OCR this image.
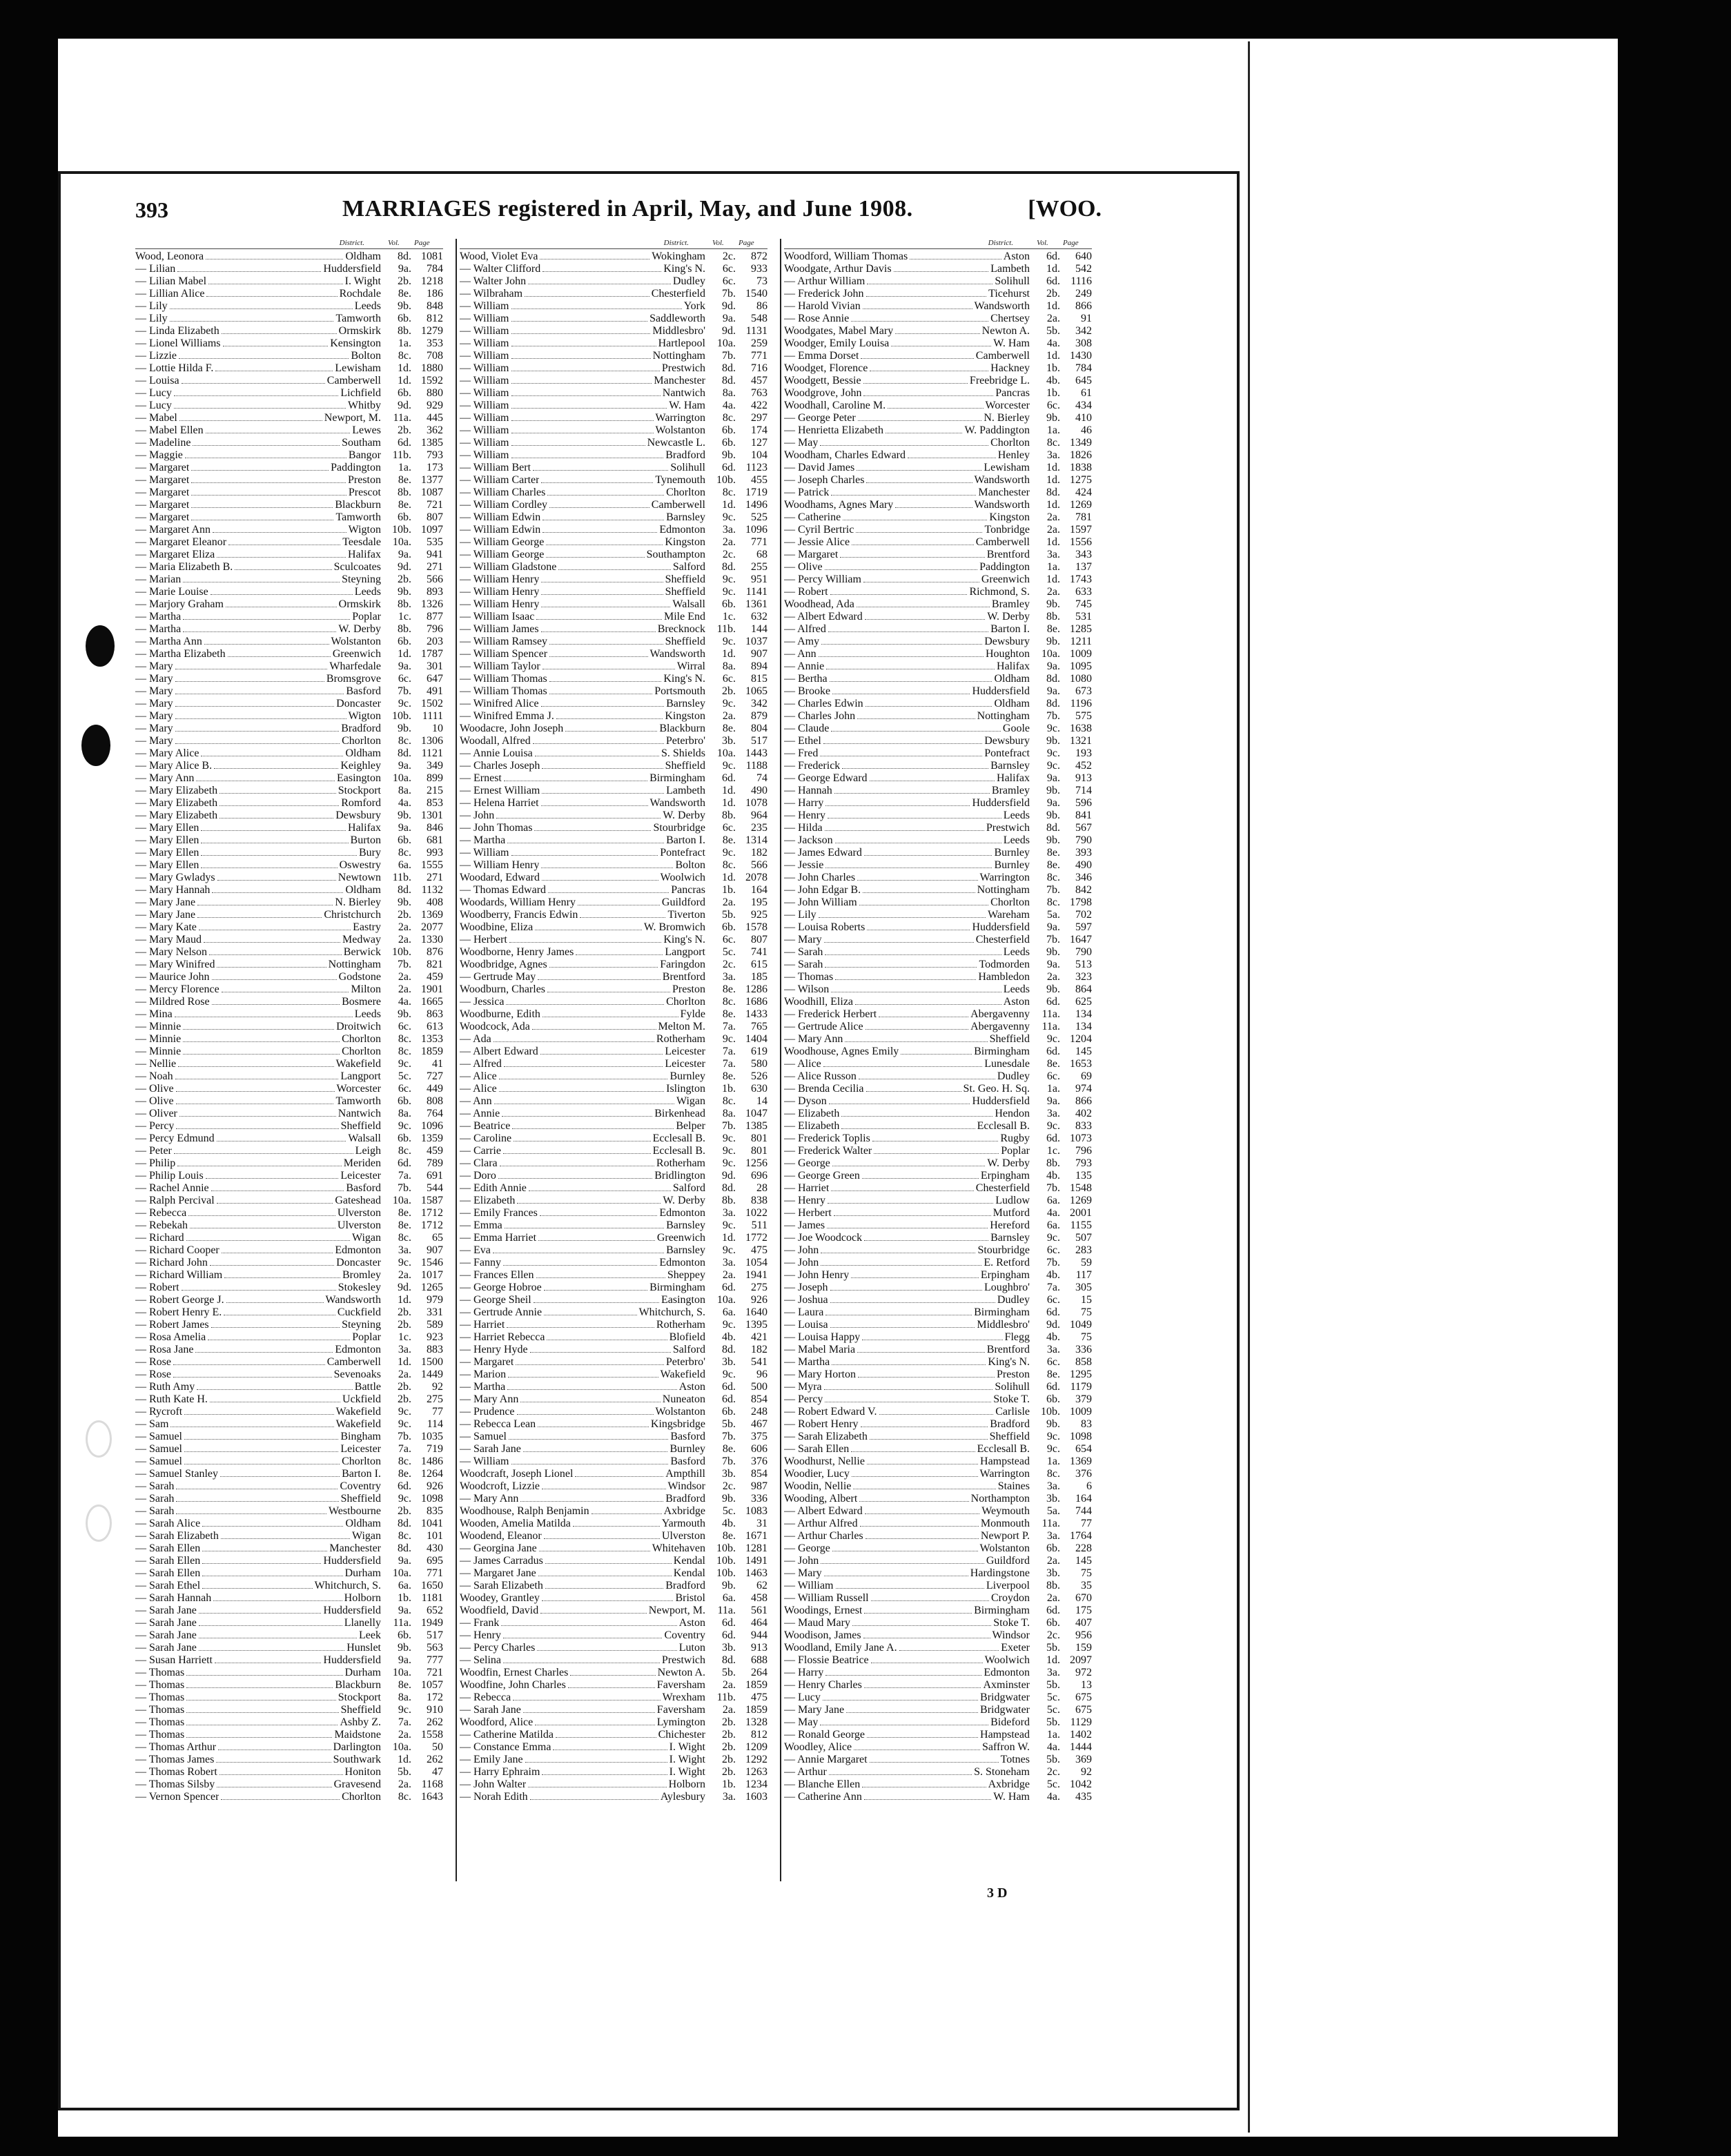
393	MARRIAGES registered in April, May, and June 1908.	[WOO.
District.	Vol.	Page
Wood, Leonora	Oldham	8d. 1081
— Lilian	Huddersfield	9a.	784
— Lilian Mabel	I. Wight	2b. 1218
— Lillian Alice	Rochdale	8e.	186
— Lily	Leeds	9b.	848
— Lily	Tamworth	6b.	812
— Linda Elizabeth	Ormskirk	8b. 1279
— Lionel Williams	Kensington	1a.	353
— Lizzie	Bolton	8c.	708
— Lottie Hilda F.	Lewisham	1d. 1880
— Louisa	Camberwell	1d. 1592
— Lucy	Lichfield	6b.	880
— Lucy	Whitby	9d.	929
— Mabel	Newport, M.	11a.	445
— Mabel Ellen	Lewes	2b.	362
— Madeline	Southam	6d. 1385
— Maggie	Bangor	11b.	793
— Margaret	Paddington	1a.	173
— Margaret	Preston	8e. 1377
— Margaret	Prescot	8b. 1087
— Margaret	Blackburn	8e.	721
— Margaret	Tamworth	6b.	807
— Margaret Ann	Wigton	10b. 1097
— Margaret Eleanor	Teesdale	10a.	535
— Margaret Eliza	Halifax	9a.	941
— Maria Elizabeth B.	Sculcoates	9d.	271
— Marian	Steyning	2b.	566
— Marie Louise	Leeds	9b.	893
— Marjory Graham	Ormskirk	8b. 1326
— Martha	Poplar	1c.	877
— Martha	W. Derby	8b.	796
— Martha Ann	Wolstanton	6b.	203
— Martha Elizabeth	Greenwich	1d. 1787
— Mary	Wharfedale	9a.	301
— Mary	Bromsgrove	6c.	647
— Mary	Basford	7b.	491
— Mary	Doncaster	9c. 1502
— Mary	Wigton	10b. 1111
— Mary	Bradford	9b.	10
— Mary	Chorlton	8c. 1306
— Mary Alice	Oldham	8d. 1121
— Mary Alice B.	Keighley	9a.	349
— Mary Ann	Easington	10a.	899
— Mary Elizabeth	Stockport	8a.	215
— Mary Elizabeth	Romford	4a.	853
— Mary Elizabeth	Dewsbury	9b. 1301
— Mary Ellen	Halifax	9a.	846
— Mary Ellen	Burton	6b.	681
— Mary Ellen	Bury	8c.	993
— Mary Ellen	Oswestry	6a. 1555
— Mary Gwladys	Newtown	11b.	271
— Mary Hannah	Oldham	8d. 1132
— Mary Jane	N. Bierley	9b.	408
— Mary Jane	Christchurch	2b. 1369
— Mary Kate	Eastry	2a. 2077
— Mary Maud	Medway	2a. 1330
— Mary Nelson	Berwick	10b.	876
— Mary Winifred	Nottingham	7b.	821
— Maurice John	Godstone	2a.	459
— Mercy Florence	Milton	2a. 1901
— Mildred Rose	Bosmere	4a. 1665
— Mina	Leeds	9b.	863
— Minnie	Droitwich	6c.	613
— Minnie	Chorlton	8c. 1353
— Minnie	Chorlton	8c. 1859
— Nellie	Wakefield	9c.	41
— Noah	Langport	5c.	727
— Olive	Worcester	6c.	449
— Olive	Tamworth	6b.	808
— Oliver	Nantwich	8a.	764
— Percy	Sheffield	9c. 1096
— Percy Edmund	Walsall	6b. 1359
— Peter	Leigh	8c.	459
— Philip	Meriden	6d.	789
— Philip Louis	Leicester	7a.	691
— Rachel Annie	Basford	7b.	544
— Ralph Percival	Gateshead	10a. 1587
— Rebecca	Ulverston	8e. 1712
— Rebekah	Ulverston	8e. 1712
— Richard	Wigan	8c.	65
— Richard Cooper	Edmonton	3a.	907
— Richard John	Doncaster	9c. 1546
— Richard William	Bromley	2a. 1017
— Robert	Stokesley	9d. 1265
— Robert George J.	Wandsworth	1d.	979
— Robert Henry E.	Cuckfield	2b.	331
— Robert James	Steyning	2b.	589
— Rosa Amelia	Poplar	1c.	923
— Rosa Jane	Edmonton	3a.	883
— Rose	Camberwell	1d. 1500
— Rose	Sevenoaks	2a. 1449
— Ruth Amy	Battle	2b.	92
— Ruth Kate H.	Uckfield	2b.	275
— Rycroft	Wakefield	9c.	77
— Sam	Wakefield	9c.	114
— Samuel	Bingham	7b. 1035
— Samuel	Leicester	7a.	719
— Samuel	Chorlton	8c. 1486
— Samuel Stanley	Barton I.	8e. 1264
— Sarah	Coventry	6d.	926
— Sarah	Sheffield	9c. 1098
— Sarah	Westbourne	2b.	835
— Sarah Alice	Oldham	8d. 1041
— Sarah Elizabeth	Wigan	8c.	101
— Sarah Ellen	Manchester	8d.	430
— Sarah Ellen	Huddersfield	9a.	695
— Sarah Ellen	Durham	10a.	771
— Sarah Ethel	Whitchurch, S.	6a. 1650
— Sarah Hannah	Holborn	1b. 1181
— Sarah Jane	Huddersfield	9a.	652
— Sarah Jane	Llanelly	11a. 1949
— Sarah Jane	Leek	6b.	517
— Sarah Jane	Hunslet	9b.	563
— Susan Harriett	Huddersfield	9a.	777
— Thomas	Durham	10a.	721
— Thomas	Blackburn	8e. 1057
— Thomas	Stockport	8a.	172
— Thomas	Sheffield	9c.	910
— Thomas	Ashby Z.	7a.	262
— Thomas	Maidstone	2a. 1558
— Thomas Arthur	Darlington	10a.	50
— Thomas James	Southwark	1d.	262
— Thomas Robert	Honiton	5b.	47
— Thomas Silsby	Gravesend	2a. 1168
— Vernon Spencer	Chorlton	8c. 1643
District.	Vol.	Page
Wood, Violet Eva	Wokingham	2c.	872
— Walter Clifford	King's N.	6c.	933
— Walter John	Dudley	6c.	73
— Wilbraham	Chesterfield	7b. 1540
— William	York	9d.	86
— William	Saddleworth	9a.	548
— William	Middlesbro'	9d. 1131
— William	Hartlepool	10a.	259
— William	Nottingham	7b.	771
— William	Prestwich	8d.	716
— William	Manchester	8d.	457
— William	Nantwich	8a.	763
— William	W. Ham	4a.	422
— William	Warrington	8c.	297
— William	Wolstanton	6b.	174
— William	Newcastle L.	6b.	127
— William	Bradford	9b.	104
— William Bert	Solihull	6d. 1123
— William Carter	Tynemouth	10b.	455
— William Charles	Chorlton	8c. 1719
— William Cordley	Camberwell	1d. 1496
— William Edwin	Barnsley	9c.	525
— William Edwin	Edmonton	3a. 1096
— William George	Kingston	2a.	771
— William George	Southampton	2c.	68
— William Gladstone	Salford	8d.	255
— William Henry	Sheffield	9c.	951
— William Henry	Sheffield	9c. 1141
— William Henry	Walsall	6b. 1361
— William Isaac	Mile End	1c.	632
— William James	Brecknock	11b.	144
— William Ramsey	Sheffield	9c. 1037
— William Spencer	Wandsworth	1d.	907
— William Taylor	Wirral	8a.	894
— William Thomas	King's N.	6c.	815
— William Thomas	Portsmouth	2b. 1065
— Winifred Alice	Barnsley	9c.	342
— Winifred Emma J.	Kingston	2a.	879
Woodacre, John Joseph	Blackburn	8e.	804
Woodall, Alfred	Peterbro'	3b.	517
— Annie Louisa	S. Shields	10a. 1443
— Charles Joseph	Sheffield	9c. 1188
— Ernest	Birmingham	6d.	74
— Ernest William	Lambeth	1d.	490
— Helena Harriet	Wandsworth	1d. 1078
— John	W. Derby	8b.	964
— John Thomas	Stourbridge	6c.	235
— Martha	Barton I.	8e. 1314
— William	Pontefract	9c.	182
— William Henry	Bolton	8c.	566
Woodard, Edward	Woolwich	1d. 2078
— Thomas Edward	Pancras	1b.	164
Woodards, William Henry	Guildford	2a.	195
Woodberry, Francis Edwin	Tiverton	5b.	925
Woodbine, Eliza	W. Bromwich	6b. 1578
— Herbert	King's N.	6c.	807
Woodborne, Henry James	Langport	5c.	741
Woodbridge, Agnes	Faringdon	2c.	615
— Gertrude May	Brentford	3a.	185
Woodburn, Charles	Preston	8e. 1286
— Jessica	Chorlton	8c. 1686
Woodburne, Edith	Fylde	8e. 1433
Woodcock, Ada	Melton M.	7a.	765
— Ada	Rotherham	9c. 1404
— Albert Edward	Leicester	7a.	619
— Alfred	Leicester	7a.	580
— Alice	Burnley	8e.	526
— Alice	Islington	1b.	630
— Ann	Wigan	8c.	14
— Annie	Birkenhead	8a. 1047
— Beatrice	Belper	7b. 1385
— Caroline	Ecclesall B.	9c.	801
— Carrie	Ecclesall B.	9c.	801
— Clara	Rotherham	9c. 1256
— Doro	Bridlington	9d.	696
— Edith Annie	Salford	8d.	28
— Elizabeth	W. Derby	8b.	838
— Emily Frances	Edmonton	3a. 1022
— Emma	Barnsley	9c.	511
— Emma Harriet	Greenwich	1d. 1772
— Eva	Barnsley	9c.	475
— Fanny	Edmonton	3a. 1054
— Frances Ellen	Sheppey	2a. 1941
— George Hobroe	Birmingham	6d.	275
— George Sheil	Easington	10a.	926
— Gertrude Annie	Whitchurch, S.	6a. 1640
— Harriet	Rotherham	9c. 1395
— Harriet Rebecca	Blofield	4b.	421
— Henry Hyde	Salford	8d.	182
— Margaret	Peterbro'	3b.	541
— Marion	Wakefield	9c.	96
— Martha	Aston	6d.	500
— Mary Ann	Nuneaton	6d.	854
— Prudence	Wolstanton	6b.	248
— Rebecca Lean	Kingsbridge	5b.	467
— Samuel	Basford	7b.	375
— Sarah Jane	Burnley	8e.	606
— William	Basford	7b.	376
Woodcraft, Joseph Lionel	Ampthill	3b.	854
Woodcroft, Lizzie	Windsor	2c.	987
— Mary Ann	Bradford	9b.	336
Woodhouse, Ralph Benjamin	Axbridge	5c. 1083
Wooden, Amelia Matilda	Yarmouth	4b.	31
Woodend, Eleanor	Ulverston	8e. 1671
— Georgina Jane	Whitehaven	10b. 1281
— James Carradus	Kendal	10b. 1491
— Margaret Jane	Kendal	10b. 1463
— Sarah Elizabeth	Bradford	9b.	62
Woodey, Grantley	Bristol	6a.	458
Woodfield, David	Newport, M.	11a.	561
— Frank	Aston	6d.	464
— Henry	Coventry	6d.	944
— Percy Charles	Luton	3b.	913
— Selina	Prestwich	8d.	688
Woodfin, Ernest Charles	Newton A.	5b.	264
Woodfine, John Charles	Faversham	2a. 1859
— Rebecca	Wrexham	11b.	475
— Sarah Jane	Faversham	2a. 1859
Woodford, Alice	Lymington	2b. 1328
— Catherine Matilda	Chichester	2b.	812
— Constance Emma	I. Wight	2b. 1209
— Emily Jane	I. Wight	2b. 1292
— Harry Ephraim	I. Wight	2b. 1263
— John Walter	Holborn	1b. 1234
— Norah Edith	Aylesbury	3a. 1603
District.	Vol.	Page
Woodford, William Thomas	Aston	6d.	640
Woodgate, Arthur Davis	Lambeth	1d.	542
— Arthur William	Solihull	6d. 1116
— Frederick John	Ticehurst	2b.	249
— Harold Vivian	Wandsworth	1d.	866
— Rose Annie	Chertsey	2a.	91
Woodgates, Mabel Mary	Newton A.	5b.	342
Woodger, Emily Louisa	W. Ham	4a.	308
— Emma Dorset	Camberwell	1d. 1430
Woodget, Florence	Hackney	1b.	784
Woodgett, Bessie	Freebridge L.	4b.	645
Woodgrove, John	Pancras	1b.	61
Woodhall, Caroline M.	Worcester	6c.	434
— George Peter	N. Bierley	9b.	410
— Henrietta Elizabeth	W. Paddington	1a.	46
— May	Chorlton	8c. 1349
Woodham, Charles Edward	Henley	3a. 1826
— David James	Lewisham	1d. 1838
— Joseph Charles	Wandsworth	1d. 1275
— Patrick	Manchester	8d.	424
Woodhams, Agnes Mary	Wandsworth	1d. 1269
— Catherine	Kingston	2a.	781
— Cyril Bertric	Tonbridge	2a. 1597
— Jessie Alice	Camberwell	1d. 1556
— Margaret	Brentford	3a.	343
— Olive	Paddington	1a.	137
— Percy William	Greenwich	1d. 1743
— Robert	Richmond, S.	2a.	633
Woodhead, Ada	Bramley	9b.	745
— Albert Edward	W. Derby	8b.	531
— Alfred	Barton I.	8e. 1285
— Amy	Dewsbury	9b. 1211
— Ann	Houghton	10a. 1009
— Annie	Halifax	9a. 1095
— Bertha	Oldham	8d. 1080
— Brooke	Huddersfield	9a.	673
— Charles Edwin	Oldham	8d. 1196
— Charles John	Nottingham	7b.	575
— Claude	Goole	9c. 1638
— Ethel	Dewsbury	9b. 1321
— Fred	Pontefract	9c.	193
— Frederick	Barnsley	9c.	452
— George Edward	Halifax	9a.	913
— Hannah	Bramley	9b.	714
— Harry	Huddersfield	9a.	596
— Henry	Leeds	9b.	841
— Hilda	Prestwich	8d.	567
— Jackson	Leeds	9b.	790
— James Edward	Burnley	8e.	393
— Jessie	Burnley	8e.	490
— John Charles	Warrington	8c.	346
— John Edgar B.	Nottingham	7b.	842
— John William	Chorlton	8c. 1798
— Lily	Wareham	5a.	702
— Louisa Roberts	Huddersfield	9a.	597
— Mary	Chesterfield	7b. 1647
— Sarah	Leeds	9b.	790
— Sarah	Todmorden	9a.	513
— Thomas	Hambledon	2a.	323
— Wilson	Leeds	9b.	864
Woodhill, Eliza	Aston	6d.	625
— Frederick Herbert	Abergavenny	11a.	134
— Gertrude Alice	Abergavenny	11a.	134
— Mary Ann	Sheffield	9c. 1204
Woodhouse, Agnes Emily	Birmingham	6d.	145
— Alice	Lunesdale	8e. 1653
— Alice Russon	Dudley	6c.	69
— Brenda Cecilia	St. Geo. H. Sq.	1a.	974
— Dyson	Huddersfield	9a.	866
— Elizabeth	Hendon	3a.	402
— Elizabeth	Ecclesall B.	9c.	833
— Frederick Toplis	Rugby	6d. 1073
— Frederick Walter	Poplar	1c.	796
— George	W. Derby	8b.	793
— George Green	Erpingham	4b.	135
— Harriet	Chesterfield	7b. 1548
— Henry	Ludlow	6a. 1269
— Herbert	Mutford	4a. 2001
— James	Hereford	6a. 1155
— Joe Woodcock	Barnsley	9c.	507
— John	Stourbridge	6c.	283
— John	E. Retford	7b.	59
— John Henry	Erpingham	4b.	117
— Joseph	Loughbro'	7a.	305
— Joshua	Dudley	6c.	15
— Laura	Birmingham	6d.	75
— Louisa	Middlesbro'	9d. 1049
— Louisa Happy	Flegg	4b.	75
— Mabel Maria	Brentford	3a.	336
— Martha	King's N.	6c.	858
— Mary Horton	Preston	8e. 1295
— Myra	Solihull	6d. 1179
— Percy	Stoke T.	6b.	379
— Robert Edward V.	Carlisle	10b. 1009
— Robert Henry	Bradford	9b.	83
— Sarah Elizabeth	Sheffield	9c. 1098
— Sarah Ellen	Ecclesall B.	9c.	654
Woodhurst, Nellie	Hampstead	1a. 1369
Woodier, Lucy	Warrington	8c.	376
Woodin, Nellie	Staines	3a.	6
Wooding, Albert	Northampton	3b.	164
— Albert Edward	Weymouth	5a.	744
— Arthur Alfred	Monmouth	11a.	77
— Arthur Charles	Newport P.	3a. 1764
— George	Wolstanton	6b.	228
— John	Guildford	2a.	145
— Mary	Hardingstone	3b.	75
— William	Liverpool	8b.	35
— William Russell	Croydon	2a.	670
Woodings, Ernest	Birmingham	6d.	175
— Maud Mary	Stoke T.	6b.	407
Woodison, James	Windsor	2c.	956
Woodland, Emily Jane A.	Exeter	5b.	159
— Flossie Beatrice	Woolwich	1d. 2097
— Harry	Edmonton	3a.	972
— Henry Charles	Axminster	5b.	13
— Lucy	Bridgwater	5c.	675
— Mary Jane	Bridgwater	5c.	675
— May	Bideford	5b. 1129
— Ronald George	Hampstead	1a. 1402
Woodley, Alice	Saffron W.	4a. 1444
— Annie Margaret	Totnes	5b.	369
— Arthur	S. Stoneham	2c.	92
— Blanche Ellen	Axbridge	5c. 1042
— Catherine Ann	W. Ham	4a.	435
3 D
